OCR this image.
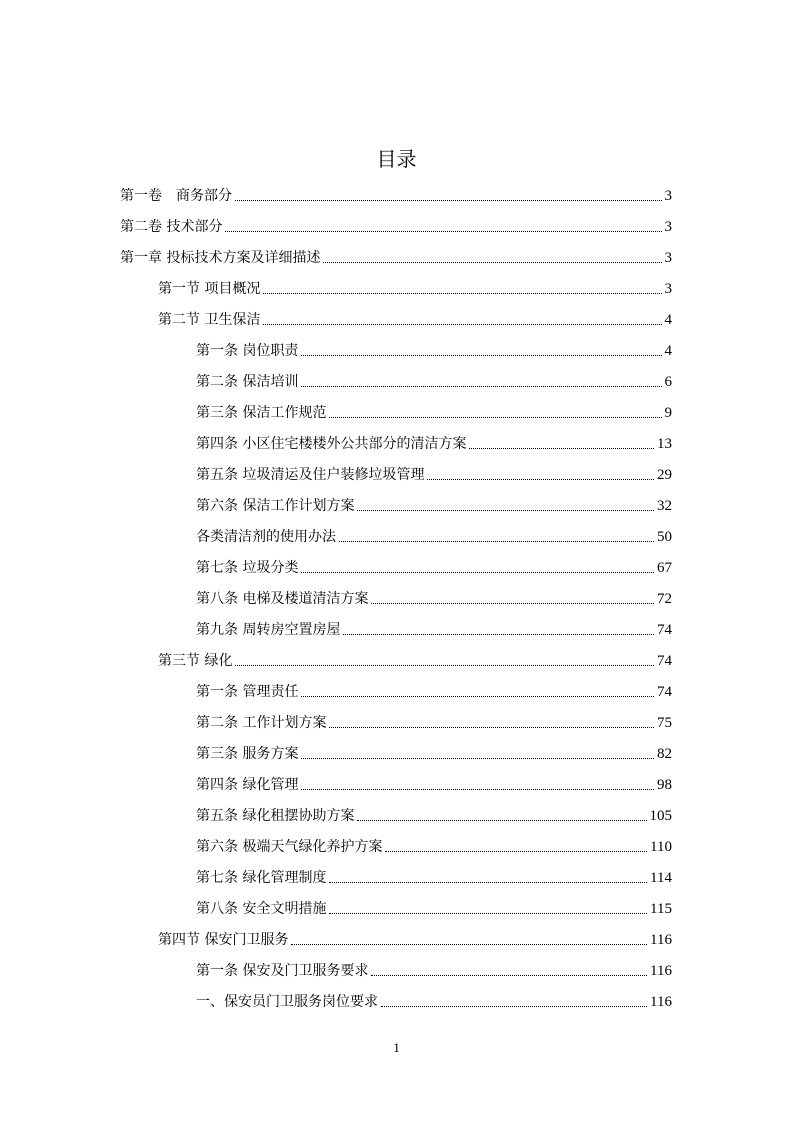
目录
第一卷　商务部分	3
第二卷 技术部分	3
第一章 投标技术方案及详细描述	3
第一节 项目概况	3
第二节 卫生保洁	4
第一条 岗位职责	4
第二条 保洁培训	6
第三条 保洁工作规范	9
第四条 小区住宅楼楼外公共部分的清洁方案	13
第五条 垃圾清运及住户装修垃圾管理	29
第六条 保洁工作计划方案	32
各类清洁剂的使用办法	50
第七条 垃圾分类	67
第八条 电梯及楼道清洁方案	72
第九条 周转房空置房屋	74
第三节 绿化	74
第一条 管理责任	74
第二条 工作计划方案	75
第三条 服务方案	82
第四条 绿化管理	98
第五条 绿化租摆协助方案	105
第六条 极端天气绿化养护方案	110
第七条 绿化管理制度	114
第八条 安全文明措施	115
第四节 保安门卫服务	116
第一条 保安及门卫服务要求	116
一、保安员门卫服务岗位要求	116
1
